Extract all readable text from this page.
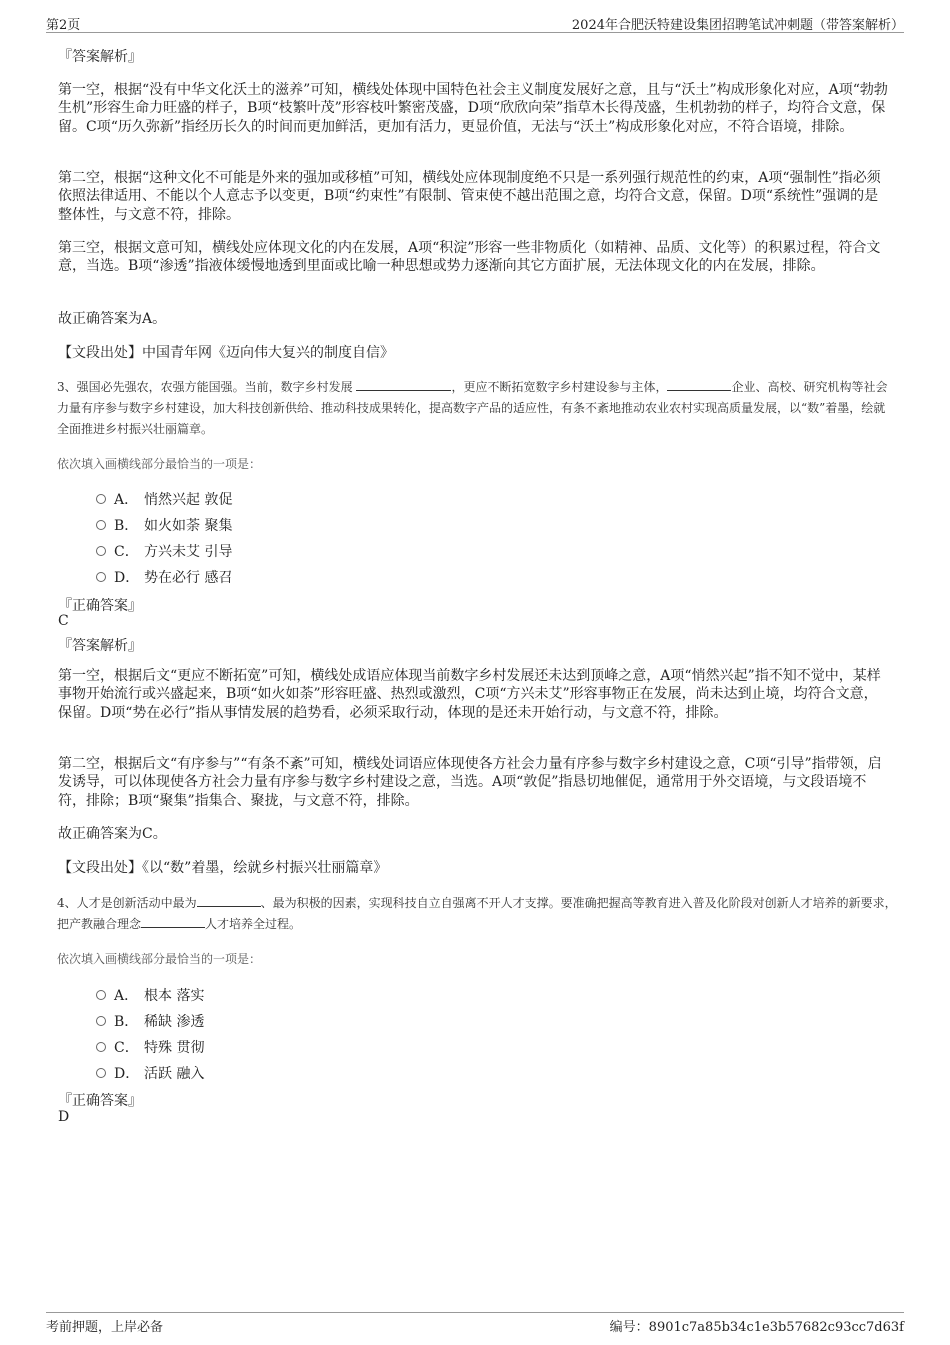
第2页	2024年合肥沃特建设集团招聘笔试冲刺题（带答案解析）
『答案解析』
第一空，根据“没有中华文化沃土的滋养”可知，横线处体现中国特色社会主义制度发展好之意，且与“沃土”构成形象化对应，A项“勃勃生机”形容生命力旺盛的样子，B项“枝繁叶茂”形容枝叶繁密茂盛，D项“欣欣向荣”指草木长得茂盛，生机勃勃的样子，均符合文意，保留。C项“历久弥新”指经历长久的时间而更加鲜活，更加有活力，更显价值，无法与“沃土”构成形象化对应，不符合语境，排除。
第二空，根据“这种文化不可能是外来的强加或移植”可知，横线处应体现制度绝不只是一系列强行规范性的约束，A项“强制性”指必须依照法律适用、不能以个人意志予以变更，B项“约束性”有限制、管束使不越出范围之意，均符合文意，保留。D项“系统性”强调的是整体性，与文意不符，排除。
第三空，根据文意可知，横线处应体现文化的内在发展，A项“积淀”形容一些非物质化（如精神、品质、文化等）的积累过程，符合文意，当选。B项“渗透”指液体缓慢地透到里面或比喻一种思想或势力逐渐向其它方面扩展，无法体现文化的内在发展，排除。
故正确答案为A。
【文段出处】中国青年网《迈向伟大复兴的制度自信》
3、强国必先强农，农强方能国强。当前，数字乡村发展	，更应不断拓宽数字乡村建设参与主体，	企业、高校、研究机构等社会力量有序参与数字乡村建设，加大科技创新供给、推动科技成果转化，提高数字产品的适应性，有条不紊地推动农业农村实现高质量发展，以“数”着墨，绘就全面推进乡村振兴壮丽篇章。
依次填入画横线部分最恰当的一项是：
A． 悄然兴起 敦促
B． 如火如荼 聚集
C． 方兴未艾 引导
D． 势在必行 感召
『正确答案』
C
『答案解析』
第一空，根据后文“更应不断拓宽”可知，横线处成语应体现当前数字乡村发展还未达到顶峰之意，A项“悄然兴起”指不知不觉中，某样事物开始流行或兴盛起来，B项“如火如荼”形容旺盛、热烈或激烈，C项“方兴未艾”形容事物正在发展，尚未达到止境，均符合文意，保留。D项“势在必行”指从事情发展的趋势看，必须采取行动，体现的是还未开始行动，与文意不符，排除。
第二空，根据后文“有序参与”“有条不紊”可知，横线处词语应体现使各方社会力量有序参与数字乡村建设之意，C项“引导”指带领，启发诱导，可以体现使各方社会力量有序参与数字乡村建设之意，当选。A项“敦促”指恳切地催促，通常用于外交语境，与文段语境不符，排除；B项“聚集”指集合、聚拢，与文意不符，排除。
故正确答案为C。
【文段出处】《以“数”着墨，绘就乡村振兴壮丽篇章》
4、人才是创新活动中最为	、最为积极的因素，实现科技自立自强离不开人才支撑。要准确把握高等教育进入普及化阶段对创新人才培养的新要求，把产教融合理念	人才培养全过程。
依次填入画横线部分最恰当的一项是：
A． 根本 落实
B． 稀缺 渗透
C． 特殊 贯彻
D． 活跃 融入
『正确答案』
D
考前押题，上岸必备	编号：8901c7a85b34c1e3b57682c93cc7d63f
